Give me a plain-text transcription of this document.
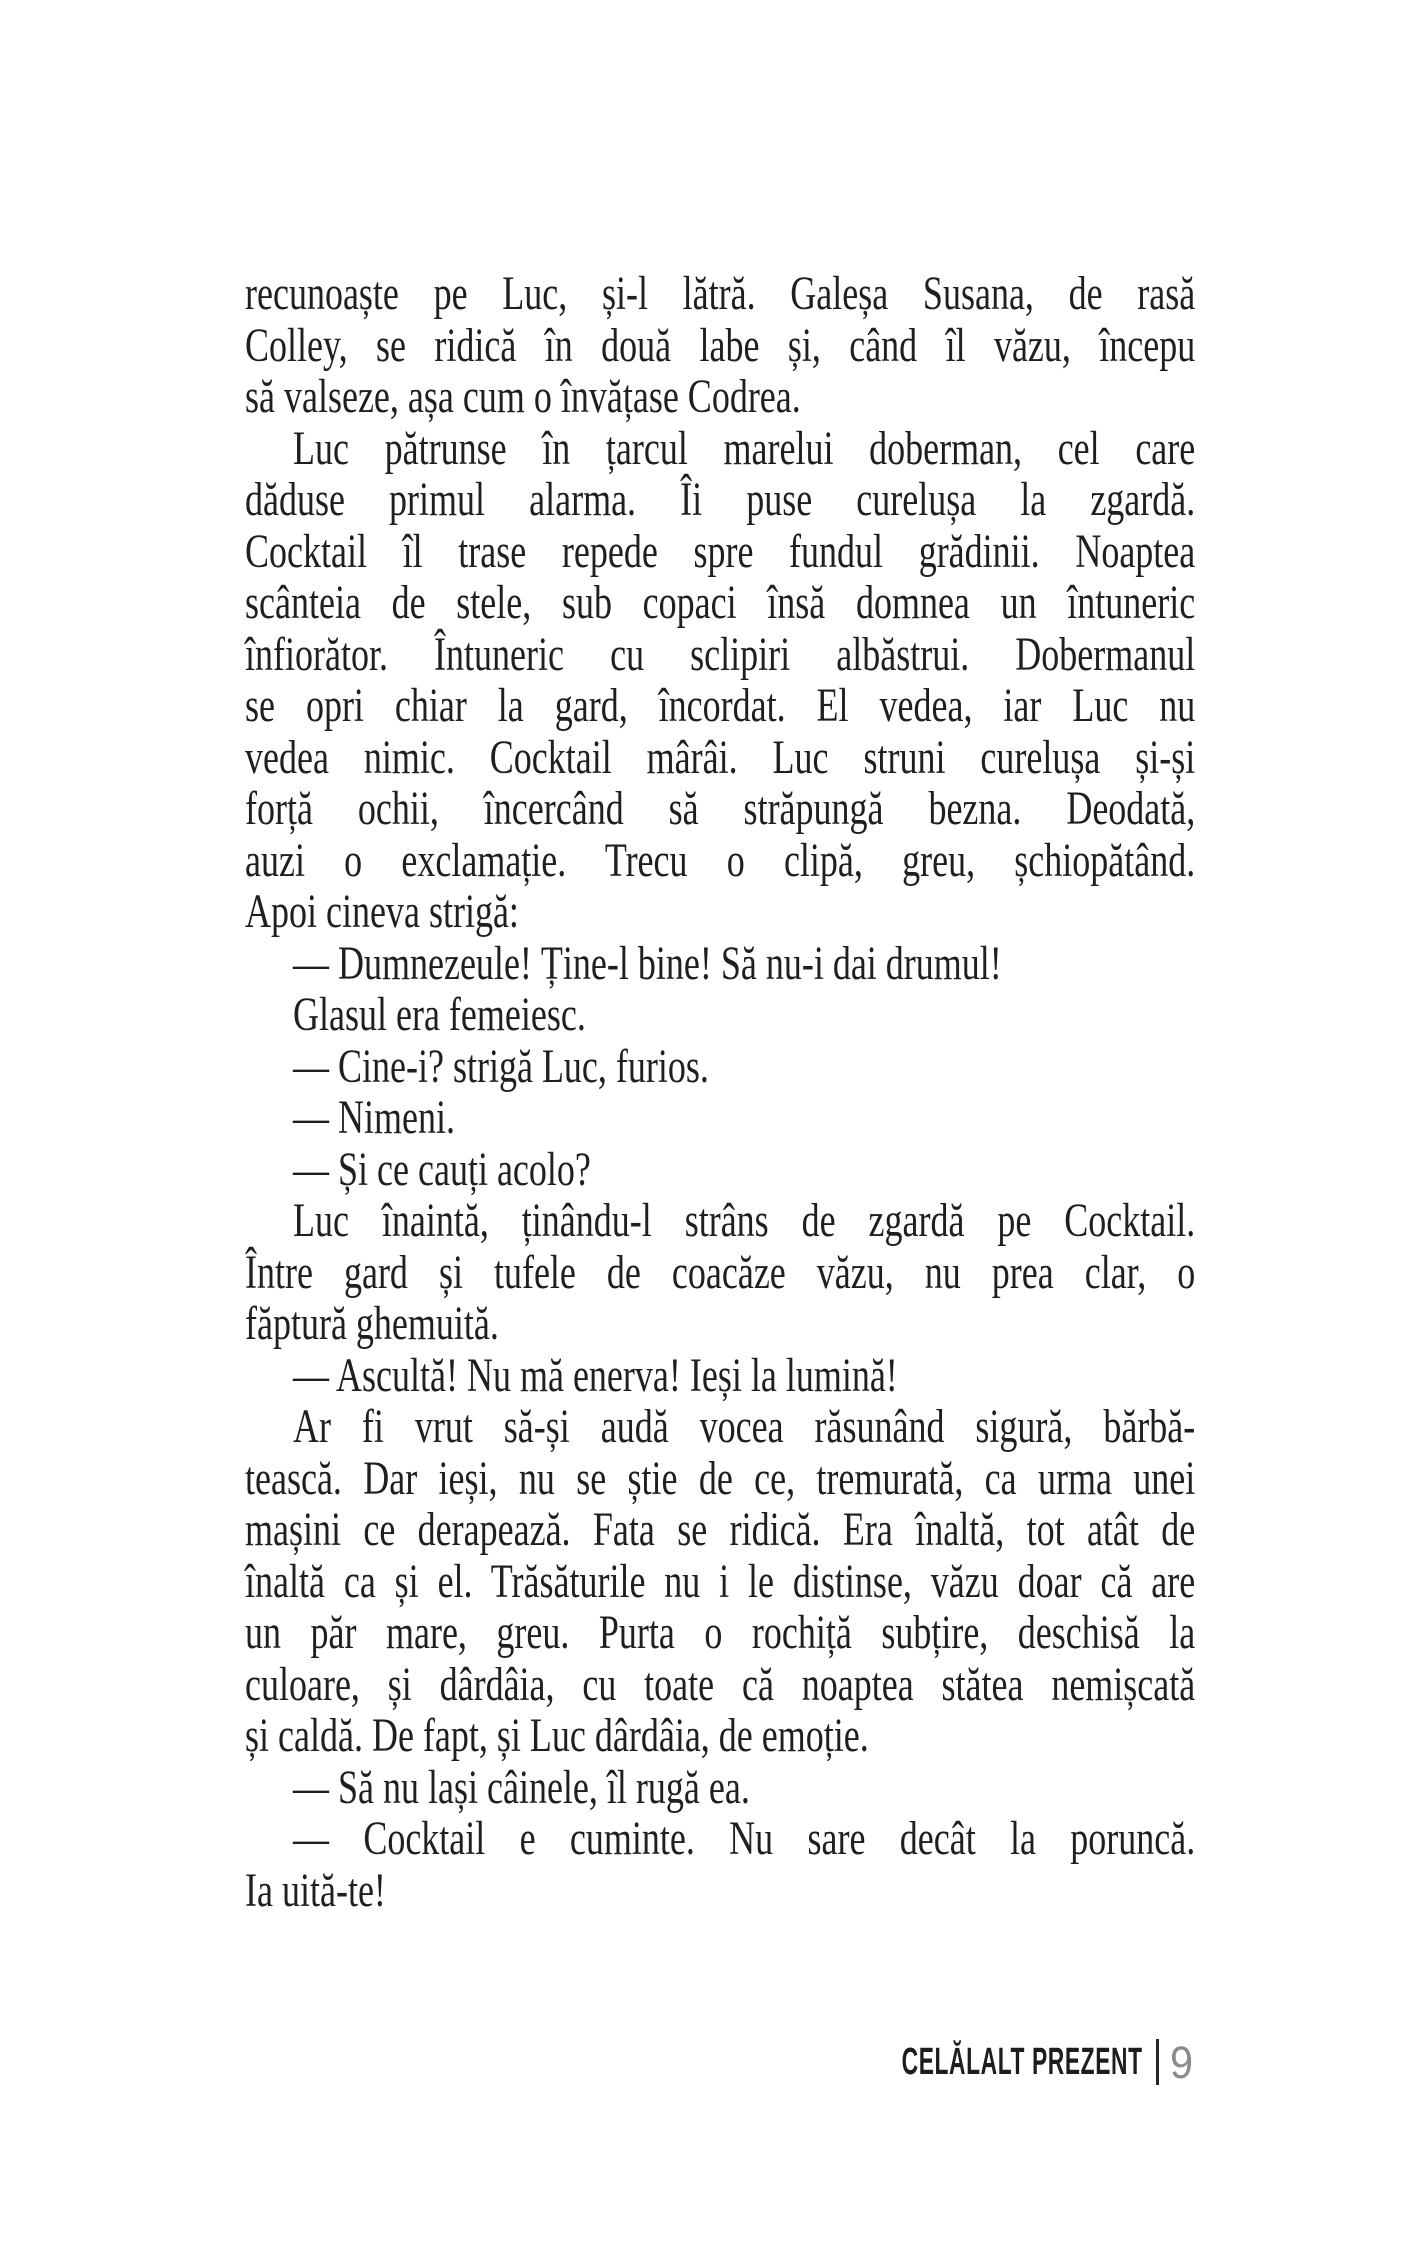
recunoaște pe Luc, și-l lătră. Galeșa Susana, de rasă
Colley, se ridică în două labe și, când îl văzu, începu
să valseze, așa cum o învățase Codrea.
Luc pătrunse în țarcul marelui doberman, cel care
dăduse primul alarma. Îi puse curelușa la zgardă.
Cocktail îl trase repede spre fundul grădinii. Noaptea
scânteia de stele, sub copaci însă domnea un întuneric
înfiorător. Întuneric cu sclipiri albăstrui. Dobermanul
se opri chiar la gard, încordat. El vedea, iar Luc nu
vedea nimic. Cocktail mârâi. Luc struni curelușa și-și
forță ochii, încercând să străpungă bezna. Deodată,
auzi o exclamație. Trecu o clipă, greu, șchiopătând.
Apoi cineva strigă:
— Dumnezeule! Ține-l bine! Să nu-i dai drumul!
Glasul era femeiesc.
— Cine-i? strigă Luc, furios.
— Nimeni.
— Și ce cauți acolo?
Luc înaintă, ținându-l strâns de zgardă pe Cocktail.
Între gard și tufele de coacăze văzu, nu prea clar, o
făptură ghemuită.
— Ascultă! Nu mă enerva! Ieși la lumină!
Ar fi vrut să-și audă vocea răsunând sigură, bărbă-
tească. Dar ieși, nu se știe de ce, tremurată, ca urma unei
mașini ce derapează. Fata se ridică. Era înaltă, tot atât de
înaltă ca și el. Trăsăturile nu i le distinse, văzu doar că are
un păr mare, greu. Purta o rochiță subțire, deschisă la
culoare, și dârdâia, cu toate că noaptea stătea nemișcată
și caldă. De fapt, și Luc dârdâia, de emoție.
— Să nu lași câinele, îl rugă ea.
— Cocktail e cuminte. Nu sare decât la poruncă.
Ia uită-te!
CELĂLALT PREZENT 9
